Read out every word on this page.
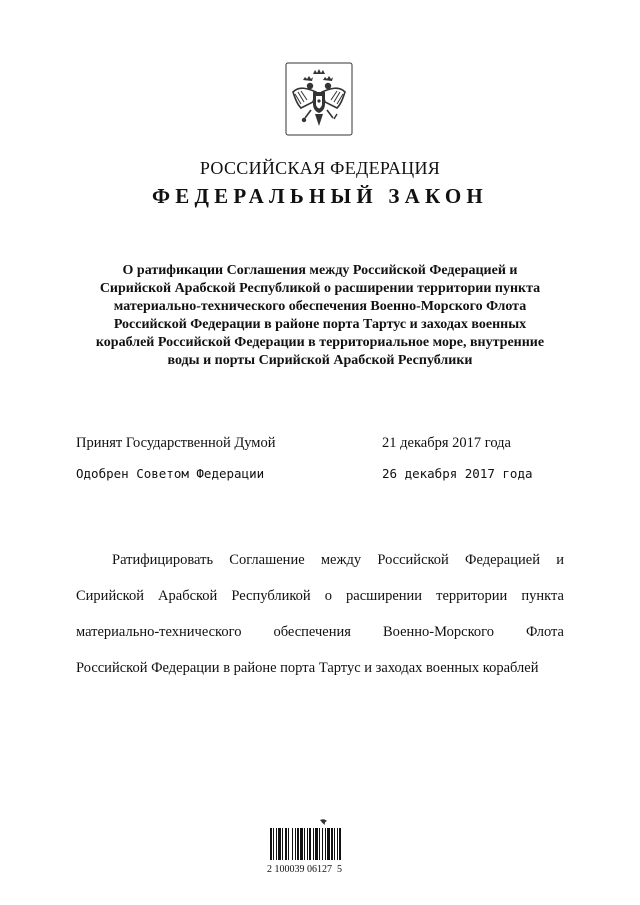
РОССИЙСКАЯ ФЕДЕРАЦИЯ
ФЕДЕРАЛЬНЫЙ ЗАКОН
О ратификации Соглашения между Российской Федерацией и
Сирийской Арабской Республикой о расширении территории пункта
материально-технического обеспечения Военно-Морского Флота
Российской Федерации в районе порта Тартус и заходах военных
кораблей Российской Федерации в территориальное море, внутренние
воды и порты Сирийской Арабской Республики
Принят Государственной Думой	21 декабря 2017 года
Одобрен Советом Федерации	26 декабря 2017 года
Ратифицировать Соглашение между Российской Федерацией и
Сирийской Арабской Республикой о расширении территории пункта
материально-технического обеспечения Военно-Морского Флота
Российской Федерации в районе порта Тартус и заходах военных кораблей
2 100039 06127  5
